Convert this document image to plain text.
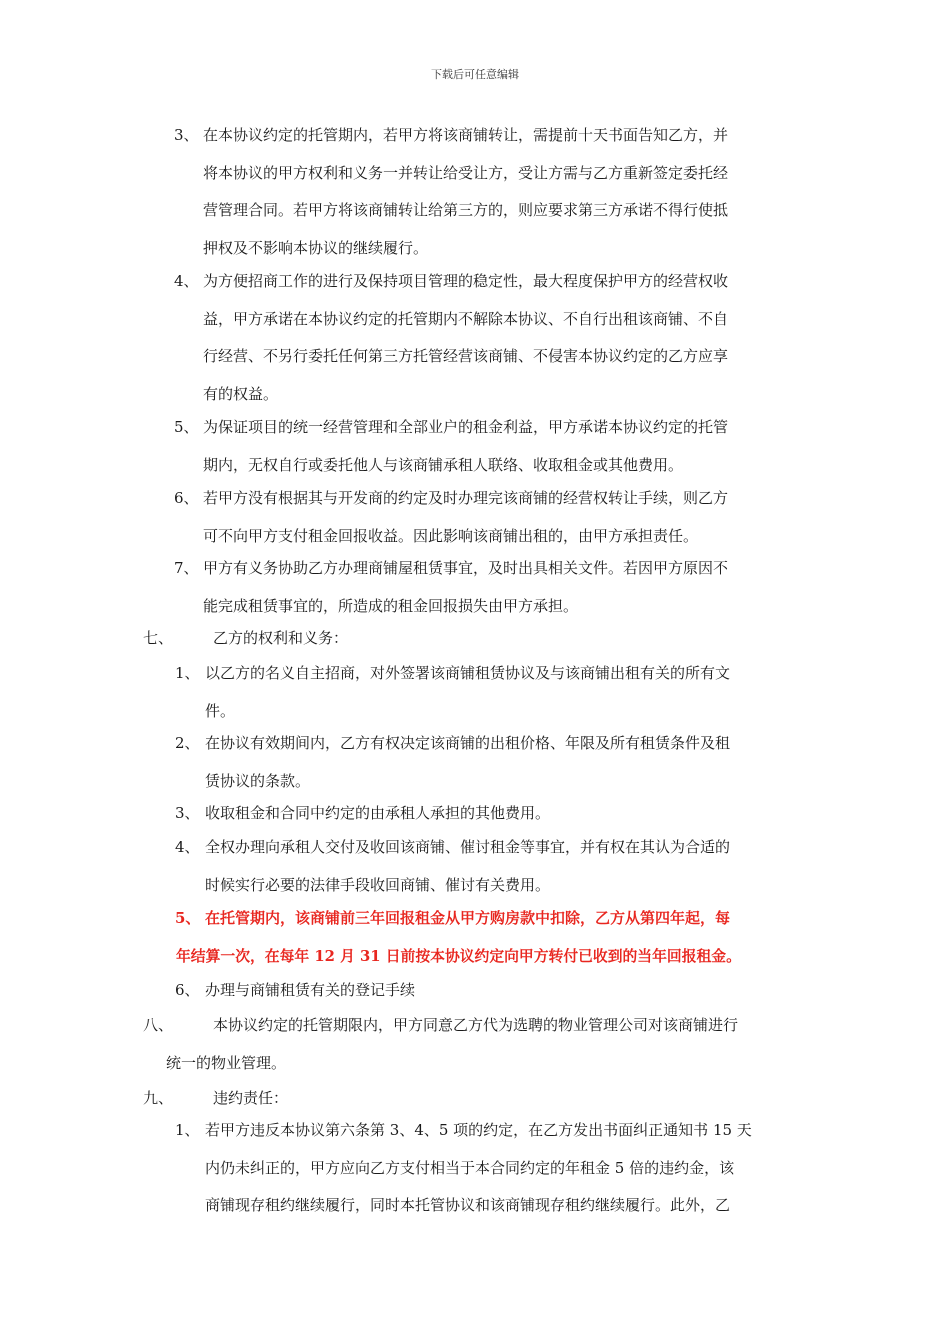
下载后可任意编辑
3、 在本协议约定的托管期内，若甲方将该商铺转让，需提前十天书面告知乙方，并
将本协议的甲方权利和义务一并转让给受让方，受让方需与乙方重新签定委托经
营管理合同。若甲方将该商铺转让给第三方的，则应要求第三方承诺不得行使抵
押权及不影响本协议的继续履行。
4、 为方便招商工作的进行及保持项目管理的稳定性，最大程度保护甲方的经营权收
益，甲方承诺在本协议约定的托管期内不解除本协议、不自行出租该商铺、不自
行经营、不另行委托任何第三方托管经营该商铺、不侵害本协议约定的乙方应享
有的权益。
5、 为保证项目的统一经营管理和全部业户的租金利益，甲方承诺本协议约定的托管
期内，无权自行或委托他人与该商铺承租人联络、收取租金或其他费用。
6、 若甲方没有根据其与开发商的约定及时办理完该商铺的经营权转让手续，则乙方
可不向甲方支付租金回报收益。因此影响该商铺出租的，由甲方承担责任。
7、 甲方有义务协助乙方办理商铺屋租赁事宜，及时出具相关文件。若因甲方原因不
能完成租赁事宜的，所造成的租金回报损失由甲方承担。
七、	乙方的权利和义务：
1、 以乙方的名义自主招商，对外签署该商铺租赁协议及与该商铺出租有关的所有文
件。
2、 在协议有效期间内，乙方有权决定该商铺的出租价格、年限及所有租赁条件及租
赁协议的条款。
3、 收取租金和合同中约定的由承租人承担的其他费用。
4、 全权办理向承租人交付及收回该商铺、催讨租金等事宜，并有权在其认为合适的
时候实行必要的法律手段收回商铺、催讨有关费用。
5、 在托管期内，该商铺前三年回报租金从甲方购房款中扣除，乙方从第四年起，每
年结算一次，在每年 12 月 31 日前按本协议约定向甲方转付已收到的当年回报租金。
6、 办理与商铺租赁有关的登记手续
八、	本协议约定的托管期限内，甲方同意乙方代为选聘的物业管理公司对该商铺进行
统一的物业管理。
九、	违约责任：
1、 若甲方违反本协议第六条第 3、4、5 项的约定，在乙方发出书面纠正通知书 15 天
内仍未纠正的，甲方应向乙方支付相当于本合同约定的年租金 5 倍的违约金，该
商铺现存租约继续履行，同时本托管协议和该商铺现存租约继续履行。此外，乙
